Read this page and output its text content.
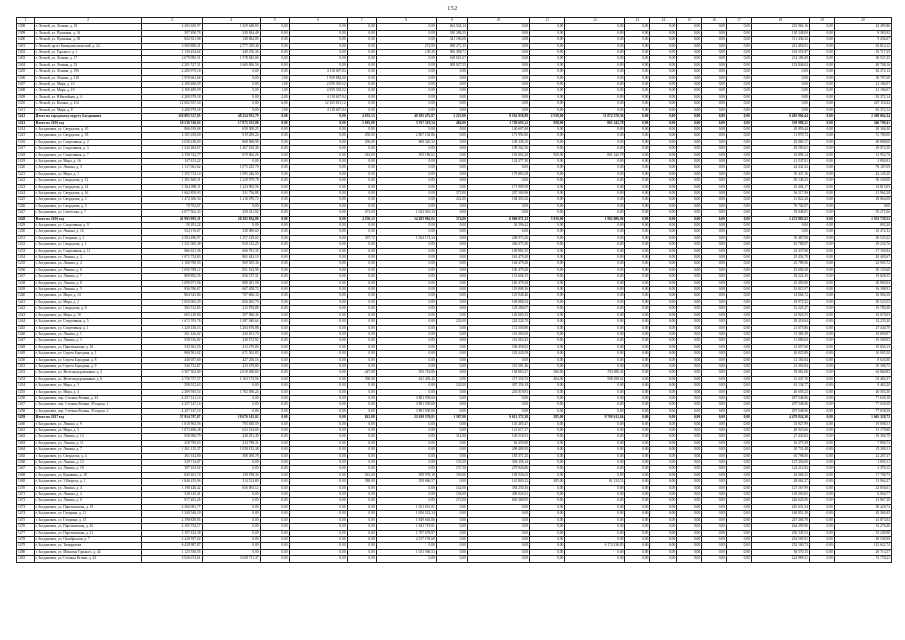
152
1	2	3	4	5	6	7	8	9	10	11	12	13	14	15	16	17	18	19	20
1398	г. Лесной, ул. Ленина, д. 19	2 292 650,97	1 259 648,83	0,00	0,00	0,00	0,00	264 544,14	0,00	0,00	0,00	0,00	0,00	0,00	0,00	0,00	225 962,16	0,00	42 485,86
1399	г. Лесной, ул. Пушкина, д. 34	597 490,76	320 844,49	0,00	0,00	0,00	0,00	330 286,35	0,00	0,00	0,00	0,00	0,00	0,00	0,00	0,00	110 348,00	0,00	9 383,92
1400	г. Лесной, ул. Пушкина, д. 38	602 921,98	140 862,85	0,00	0,00	0,00	0,00	341 186,08	0,00	0,00	0,00	0,00	0,00	0,00	0,00	0,00	111 436,32	0,00	9 436,07
1401	г. Лесной, пр-кт Коммунистический, д. 24	3 569 806,31	2 777 339,40	0,00	0,00	0,00	272,00	498 271,35	0,00	0,00	0,00	0,00	0,00	0,00	0,00	0,00	221 456,91	0,00	63 814,12
1402	г. Лесной, ул. Горького, д. 1	1 130 454,64	349 476,36	0,00	0,00	0,00	139,20	586 498,71	0,00	0,00	0,00	0,00	0,00	0,00	0,00	0,00	103 351,87	0,00	18 717,35
1403	г. Лесной, ул. Ленина, д. 17	2 079 985,51	1 578 043,06	0,00	0,00	0,00	0,00	168 021,67	0,00	0,00	0,00	0,00	0,00	0,00	0,00	0,00	214 189,49	0,00	38 537,25
1404	г. Лесной, ул. Ленина, д. 52	2 201 527,31	1 669 006,56	0,00	0,00	0,00	0,00	308 927,55	0,00	0,00	0,00	0,00	0,00	0,00	0,00	0,00	152 846,04	0,00	40 708,16
1405	г. Лесной, ул. Ленина, д. 196	4 200 979,18	0,00	0,00	4 118 607,04	0,00	0,00	0,00	0,00	0,00	0,00	0,00	0,00	0,00	0,00	0,00	0,00	0,00	82 372,14
1406	г. Лесной, ул. Ленина, д. 118	1 978 661,68	0,00	1,00	1 939 884,00	0,00	0,00	0,00	0,00	0,00	0,00	0,00	0,00	0,00	0,00	0,00	0,00	0,00	38 797,68
1407	г. Лесной, ул. Мира, д. 10	2 100 480,59	0,00	1,00	2 059 303,52	0,00	0,00	0,00	0,00	0,00	0,00	0,00	0,00	0,00	0,00	0,00	0,00	0,00	41 186,07
1408	г. Лесной, ул. Мира, д. 19	2 100 489,59	0,00	1,00	2 059 303,52	0,00	0,00	0,00	0,00	0,00	0,00	0,00	0,00	0,00	0,00	0,00	0,00	0,00	41 186,07
1409	г. Лесной, ул. Юбилейная, д. 4	4 200 979,18	0,00	2,00	4 118 607,04	0,00	0,00	0,00	0,00	0,00	0,00	0,00	0,00	0,00	0,00	0,00	0,00	0,00	82 372,14
1410	г. Лесной, ул. Калина, д. 114	12 602 937,54	0,00	6,00	12 355 821,12	0,00	0,00	0,00	0,00	0,00	0,00	0,00	0,00	0,00	0,00	0,00	0,00	0,00	247 116,42
1411	г. Лесной, ул. Мира, д. 8	4 200 979,18	0,00	1,00	4 118 607,04	0,00	0,00	0,00	0,00	0,00	0,00	0,00	0,00	0,00	0,00	0,00	0,00	0,00	82 372,14
1412	Итого по городскому округу Богданович	118 885 527,05	48 254 933,79	0,00	0,00	4 052,13	40 385 472,87	2 223,00	9 162 958,89	2 558,00	11 872 270,36	0,00	0,00	0,00	0,00	0,00	6 482 994,44	0,00	2 308 062,24
1413	Итого по 2016 год	18 536 740,63	17 875 553,88	0,00	0,00	1 093,00	3 767 319,54	484,00	1 749 693,22	928,00	861 242,78	0,00	0,00	0,00	0,00	0,00	539 988,21	0,00	346 790,41
1414	г. Богданович, ул. Свердлова, д. 10	866 019,68	658 308,25	0,00	0,00	0,00	0,00	0,00	140 607,68	0,00	0,00	0,00	0,00	0,00	0,00	0,00	20 859,44	0,00	20 166,30
1415	г. Богданович, ул. Свердлова, д. 18	2 101 039,60	919 269,24	0,00	0,00	450,00	2 807 102,86	0,00	173 992,80	0,00	0,00	0,00	0,00	0,00	0,00	0,00	11 970,72	0,00	51 780,00
1416	г. Богданович, ул. Спортивная, д. 2	2 038 238,09	868 008,96	0,00	0,00	456,00	868 320,32	0,00	149 338,10	0,00	0,00	0,00	0,00	0,00	0,00	0,00	20 069,17	0,00	48 888,00
1417	г. Богданович, ул. Спортивная, д. 3	1 545 284,07	1 267 165,36	0,00	0,00	0,00	0,00	0,00	199 562,50	0,00	0,00	0,00	0,00	0,00	0,00	0,00	49 583,01	0,00	29 072,50
1418	г. Богданович, ул. Спортивная, д. 7	2 156 742,77	679 862,26	0,00	0,00	543,00	393 186,62	0,00	192 602,20	929,00	861 242,78	0,00	0,00	0,00	0,00	0,00	16 896,14	0,00	12 952,76
1419	г. Богданович, ул. Мира, д. 16	147 815,22	0,00	0,00	0,00	0,00	0,00	0,00	124 377,30	0,00	0,00	0,00	0,00	0,00	0,00	0,00	21 547,01	0,00	2 894,91
1420	г. Богданович, ул. Ленина, д. 3	1 117 061,62	1 075 225,70	0,00	0,00	0,00	0,00	0,00	0,00	0,00	0,00	0,00	0,00	0,00	0,00	0,00	44 441,52	0,00	76 187,09
1421	г. Богданович, ул. Мира, д. 1	1 355 732,14	1 095 246,50	0,00	0,00	0,00	0,00	0,00	179 883,38	0,00	0,00	0,00	0,00	0,00	0,00	0,00	39 447,16	0,00	42 145,20
1422	г. Богданович, ул. Свердлова, д. 12	1 391 660,31	1 229 979,78	0,00	0,00	0,00	0,00	0,00	0,00	0,00	0,00	0,00	0,00	0,00	0,00	0,00	59 149,23	0,00	50 340,00
1423	г. Богданович, ул. Свердлова, д. 14	1 364 098,11	1 224 902,56	0,00	0,00	0,00	0,00	0,00	171 909,59	0,00	0,00	0,00	0,00	0,00	0,00	0,00	25 402,17	0,00	34 815,05
1424	г. Богданович, ул. Свердлова, д. 16	1 662 859,93	331 736,88	0,00	0,00	0,00	0,00	372,00	207 300,96	0,00	0,00	0,00	0,00	0,00	0,00	0,00	56 517,96	0,00	21 962,28
1425	г. Богданович, ул. Свердлова, д. 3	1 472 306,54	1 216 070,72	0,00	0,00	0,00	0,00	232,00	184 353,32	0,00	0,00	0,00	0,00	0,00	0,00	0,00	41 822,20	0,00	29 864,08
1426	г. Богданович, ул. Свердлова, д. 5	70 702,07	0,00	0,00	0,00	0,00	0,00	0,00	0,00	0,00	0,00	0,00	0,00	0,00	0,00	0,00	70 702,07	0,00	0,00
1427	г. Богданович, ул. Советская, д. 7	2 077 562,43	459 321,02	0,00	0,00	473,00	1 023 016,34	0,00	0,00	0,00	0,00	0,00	0,00	0,00	0,00	0,00	39 948,01	0,00	55 271,06
1428	Итого по 2016 год	41 995 995,31	20 382 834,89	0,00	0,00	4 250,12	14 205 962,02	374,00	6 060 071,23	5 810,00	1 982 686,96	0,00	0,00	0,00	0,00	0,00	1 472 883,02	0,00	1 535 739,52
1429	г. Богданович, ул. Спортивная, д. 9	58 281,22	0,00	0,00	0,00	0,00	0,00	0,00	54 596,42	0,00	0,00	0,00	0,00	0,00	0,00	0,00	0,00	0,00	893,30
1430	г. Богданович, ул. Ленина, д. 16	524 176,67	328 089,60	0,00	0,00	0,00	0,00	0,00	0,00	0,00	0,00	0,00	0,00	0,00	0,00	0,00	0,00	0,00	10 472,32
1431	г. Богданович, ул. Гагарина, д. 1	2 504 496,97	1 357 419,02	0,00	0,00	397,72	1 054 173,34	0,00	208 973,30	0,00	0,00	0,00	0,00	0,00	0,00	0,00	39 487,08	0,00	49 533,32
1432	г. Богданович, ул. Свердлова, д. 1	1 231 005,38	929 142,25	0,00	0,00	0,00	0,00	0,00	266 075,30	0,00	0,00	0,00	0,00	0,00	0,00	0,00	45 788,07	0,00	29 234,76
1433	г. Богданович, ул. Спортивная, д. 11	866 611,36	660 781,35	0,00	0,00	0,00	0,00	0,00	109 882,35	0,00	0,00	0,00	0,00	0,00	0,00	0,00	22 337,06	0,00	17 192,84
1434	г. Богданович, ул. Ленина, д. 2	1 071 752,83	865 443,10	0,00	0,00	0,00	0,00	0,00	165 479,28	0,00	0,00	0,00	0,00	0,00	0,00	0,00	25 454,79	0,00	20 405,67
1435	г. Богданович, ул. Ленина, д. 4	1 168 700,93	969 505,36	0,00	0,00	0,00	0,00	0,00	164 479,28	0,00	0,00	0,00	0,00	0,00	0,00	0,00	25 789,56	0,00	22 903,72
1436	г. Богданович, ул. Ленина, д. 6	1 056 789,12	831 163,96	0,00	0,00	0,00	0,00	0,00	160 479,28	0,00	0,00	0,00	0,00	0,00	0,00	0,00	25 000,30	0,00	20 135,60
1437	г. Богданович, ул. Ленина, д. 7	889 892,35	656 137,31	0,00	0,00	0,00	0,00	0,00	151 606,15	0,00	0,00	0,00	0,00	0,00	0,00	0,00	18 222,35	0,00	19 828,55
1438	г. Богданович, ул. Ленина, д. 8	1 099 071,96	888 281,58	0,00	0,00	0,00	0,00	0,00	160 479,28	0,00	0,00	0,00	0,00	0,00	0,00	0,00	25 450,06	0,00	20 860,04
1439	г. Богданович, ул. Ленина, д. 5	836 596,67	667 458,72	0,00	0,00	0,00	0,00	0,00	119 808,16	0,00	0,00	0,00	0,00	0,00	0,00	0,00	33 015,57	0,00	16 398,91
1440	г. Богданович, ул. Мира, д. 14	864 543,84	707 866,34	0,00	0,00	0,00	0,00	0,00	125 948,46	0,00	0,00	0,00	0,00	0,00	0,00	0,00	14 064,72	0,00	16 966,30
1441	г. Богданович, ул. Мира, д. 2	1 050 002,29	826 465,70	0,00	0,00	0,00	0,00	0,00	169 086,54	0,00	0,00	0,00	0,00	0,00	0,00	0,00	29 972,52	0,00	20 523,53
1442	г. Богданович, ул. Свердлова, д. 8	563 512,85	413 794,88	0,00	0,00	0,00	0,00	0,00	129 286,07	0,00	0,00	0,00	0,00	0,00	0,00	0,00	12 225,27	0,00	10 780,48
1443	г. Богданович, ул. Мира, д. 18	665 429,84	507 966,36	0,00	0,00	0,00	0,00	0,00	126 665,33	0,00	0,00	0,00	0,00	0,00	0,00	0,00	14 920,55	0,00	16 670,03
1444	г. Богданович, ул. Спортивная, д. 5	1 672 705,76	1 387 940,64	0,00	0,00	0,00	0,00	232,00	224 224,70	0,00	0,00	0,00	0,00	0,00	0,00	0,00	29 218,64	0,00	32 235,20
1445	г. Богданович, ул. Спортивная, д. 1	1 420 436,53	1 284 676,88	0,00	0,00	0,00	0,00	0,00	172 500,80	0,00	0,00	0,00	0,00	0,00	0,00	0,00	21 675,86	0,00	27 444,79
1446	г. Богданович, ул. Ленина, д. 1	561 426,02	420 451,70	0,00	0,00	0,00	0,00	0,00	116 360,50	0,00	0,00	0,00	0,00	0,00	0,00	0,00	13 383,39	0,00	10 690,97
1447	г. Богданович, ул. Ленина, д. 3	538 916,82	430 572,92	0,00	0,00	0,00	0,00	0,00	116 363,43	0,00	0,00	0,00	0,00	0,00	0,00	0,00	11 069,64	0,00	10 569,03
1448	г. Богданович, ул. Партизанская, д. 10	543 361,55	413 479,80	0,00	0,00	0,00	0,00	0,00	106 458,62	0,00	0,00	0,00	0,00	0,00	0,00	0,00	12 657,60	0,00	10 654,13
1449	г. Богданович, ул. Сергея Бородина, д. 1	868 581,02	671 502,83	0,00	0,00	0,00	0,00	0,00	118 220,59	0,00	0,00	0,00	0,00	0,00	0,00	0,00	20 825,89	0,00	16 905,50
1450	г. Богданович, ул. Сергея Бородина, д. 8	440 057,60	427 250,16	0,00	0,00	0,00	0,00	0,00	0,00	0,00	0,00	0,00	0,00	0,00	0,00	0,00	12 163,64	0,00	8 643,80
1451	г. Богданович, ул. Сергея Бородина, д. 9	546 722,87	413 479,80	0,00	0,00	0,00	0,00	0,00	110 581,46	0,00	0,00	0,00	0,00	0,00	0,00	0,00	12 363,84	0,00	10 396,75
1452	г. Богданович, ул. Железнодорожников, д. 4	3 307 302,80	2 019 408,84	0,00	0,00	447,00	393 716,86	0,00	158 863,47	366,00	704 388,34	0,00	0,00	0,00	0,00	0,00	39 061,06	0,00	64 860,83
1453	г. Богданович, ул. Железнодорожников, д. 6	2 756 757,37	1 163 175,56	0,00	0,00	396,00	621 492,42	0,00	117 150,72	464,00	508 298,62	0,00	0,00	0,00	0,00	0,00	31 247,76	0,00	53 482,57
1454	г. Богданович, ул. Мира, д. 3	590 012,63	0,00	0,00	0,00	0,00	0,00	142,00	497 156,18	0,00	0,00	0,00	0,00	0,00	0,00	0,00	43 134,77	0,00	9 463,20
1455	г. Богданович, ул. Мира, д. 4	2 309 593,54	1 782 588,24	0,00	0,00	0,00	0,00	0,00	245 819,81	0,00	0,00	0,00	0,00	0,00	0,00	0,00	40 659,23	0,00	40 583,36
1456	г. Богданович, пер. Степана Разина, д. 43	4 257 141,14	0,00	0,00	0,00	0,00	3 881 939,60	0,00	0,00	0,00	0,00	0,00	0,00	0,00	0,00	0,00	297 548,96	0,00	77 639,18
1457	г. Богданович, пер. Степана Разина, 39 корпус 1	4 257 147,14	0,00	0,00	0,00	0,00	3 881 939,60	0,00	0,00	0,00	0,00	0,00	0,00	0,00	0,00	0,00	297 548,96	0,00	77 658,58
1458	г. Богданович, пер. Степана Разина, 39 корпус 2	4 257 147,14	0,00	0,00	0,00	0,00	3 881 939,60	0,00	0,00	0,00	0,00	0,00	0,00	0,00	0,00	0,00	297 548,96	0,00	77 658,58
1459	Итого по 2017 год	57 954 707,87	18 676 145,02	0,00	0,00	841,00	22 639 576,01	1 387,00	9 612 372,38	585,00	9 708 612,04	0,00	0,00	0,00	0,00	0,00	4 479 824,30	0,00	1 665 328,72
1460	г. Богданович, ул. Ленина, д. 9	1 010 963,56	793 840,59	0,00	0,00	0,00	0,00	0,00	103 485,47	0,00	0,00	0,00	0,00	0,00	0,00	0,00	53 827,99	0,00	19 808,51
1461	г. Богданович, ул. Мира, д. 5	1 072 486,38	623 234,68	0,00	0,00	0,00	0,00	0,00	121 617,17	0,00	0,00	0,00	0,00	0,00	0,00	0,00	40 925,06	0,00	13 179,80
1462	г. Богданович, ул. Ленина, д. 13	936 906,79	428 291,49	0,00	0,00	0,00	0,00	314,00	149 516,91	0,00	0,00	0,00	0,00	0,00	0,00	0,00	27 433,82	0,00	18 394,79
1463	г. Богданович, ул. Ленина, д. 11	418 790,63	334 798,31	0,00	0,00	0,00	0,00	0,00	82 459,80	0,00	0,00	0,00	0,00	0,00	0,00	0,00	16 275,39	0,00	7 894,73
1464	г. Богданович, ул. Ленина, д. 7	1 261 135,37	1 058 152,38	0,00	0,00	0,00	0,00	0,00	209 480,95	0,00	0,00	0,00	0,00	0,00	0,00	0,00	30 751,48	0,00	25 269,11
1465	г. Богданович, ул. Свердлова, д. 4	361 614,80	308 360,78	0,00	0,00	0,00	0,00	0,00	183 371,25	0,00	0,00	0,00	0,00	0,00	0,00	0,00	65 798,00	0,00	22 207,37
1466	г. Богданович, ул. Ленина, д. 12	529 714,07	0,00	0,00	0,00	0,00	0,00	153,30	394 356,14	0,00	0,00	0,00	0,00	0,00	0,00	0,00	127 356,00	0,00	1 805,11
1467	г. Богданович, ул. Ленина, д. 18	397 163,92	0,00	0,00	0,00	0,00	0,00	157,30	279 826,06	0,00	0,00	0,00	0,00	0,00	0,00	0,00	122 212,92	0,00	3 376,12
1468	г. Богданович, ул. Кунавина, д. 18	849 261,72	158 708,34	0,00	0,00	461,00	589 978,18	356,00	158 526,02	0,00	0,00	0,00	0,00	0,00	0,00	0,00	44 366,25	0,00	17 798,73
1469	г. Богданович, ул. 3 Квартал, д. 1	1 846 235,96	214 512,80	0,00	0,00	380,00	559 866,57	0,00	141 800,23	285,00	81 124,53	0,00	0,00	0,00	0,00	0,00	28 062,27	0,00	13 964,37
1470	г. Богданович, ул. Ленина, д. 4	1 198 426,42	656 003,12	0,00	0,00	0,00	0,00	142,00	394 250,30	0,00	0,00	0,00	0,00	0,00	0,00	0,00	127 167,99	0,00	23 056,01
1471	г. Богданович, ул. Ленина, д. 2	528 145,41	0,00	0,00	0,00	0,00	0,00	156,00	409 026,91	0,00	0,00	0,00	0,00	0,00	0,00	0,00	129 203,05	0,00	6 004,77
1472	г. Богданович, ул. Ленина, д. 6	917 461,26	0,00	0,00	0,00	0,00	0,00	272,00	663 368,95	0,00	0,00	0,00	0,00	0,00	0,00	0,00	226 625,00	0,00	13 867,38
1473	г. Богданович, ул. Партизанская, д. 19	2 260 081,77	0,00	0,00	0,00	0,00	1 921 031,81	0,00	0,00	0,00	0,00	0,00	0,00	0,00	0,00	0,00	245 631,34	0,00	58 420,72
1474	г. Богданович, ул. Гагарина, д. 11	1 340 546,10	0,00	0,00	0,00	0,00	1 050 322,34	0,00	0,00	0,00	0,00	0,00	0,00	0,00	0,00	0,00	160 851,39	0,00	20 369,45
1475	г. Богданович, ул. Гагарина, д. 15	2 198 839,85	0,00	0,00	0,00	0,00	1 849 663,06	0,00	0,00	0,00	0,00	0,00	0,00	0,00	0,00	0,00	247 306,78	0,00	43 873,04
1476	г. Богданович, ул. Партизанская, д. 20	2 165 754,17	0,00	0,00	0,00	0,00	1 843 719,81	0,00	0,00	0,00	0,00	0,00	0,00	0,00	0,00	0,00	264 299,90	0,00	52 276,46
1477	г. Богданович, ул. Партизанская, д. 21	2 197 424,38	0,00	0,00	0,00	0,00	1 797 678,87	0,00	0,00	0,00	0,00	0,00	0,00	0,00	0,00	0,00	256 345,53	0,00	53 249,98
1478	г. Богданович, ул. Октябрьская, д. 7	2 226 597,02	0,00	0,00	0,00	0,00	2 017 195,60	0,00	0,00	0,00	0,00	0,00	0,00	0,00	0,00	0,00	254 569,91	0,00	49 540,98
1479	г. Богданович, ул. Тимирязева	6 428 987,87	0,00	0,00	0,00	0,00	0,00	0,00	0,00	0,00	6 174 136,85	0,00	0,00	0,00	0,00	0,00	252 100,73	0,00	123 622,74
1480	г. Богданович, ул. Максима Горького, д. 42	1 125 550,05	0,00	0,00	0,00	0,00	1 031 566,53	0,00	0,00	0,00	0,00	0,00	0,00	0,00	0,00	0,00	56 570,15	0,00	20 713,37
1481	г. Богданович, ул. Степана Разина, д. 43	3 926 674,61	3 638 711,37	0,00	0,00	0,00	0,00	0,00	0,00	0,00	0,00	0,00	0,00	0,00	0,00	0,00	224 989,21	0,00	72 778,23
